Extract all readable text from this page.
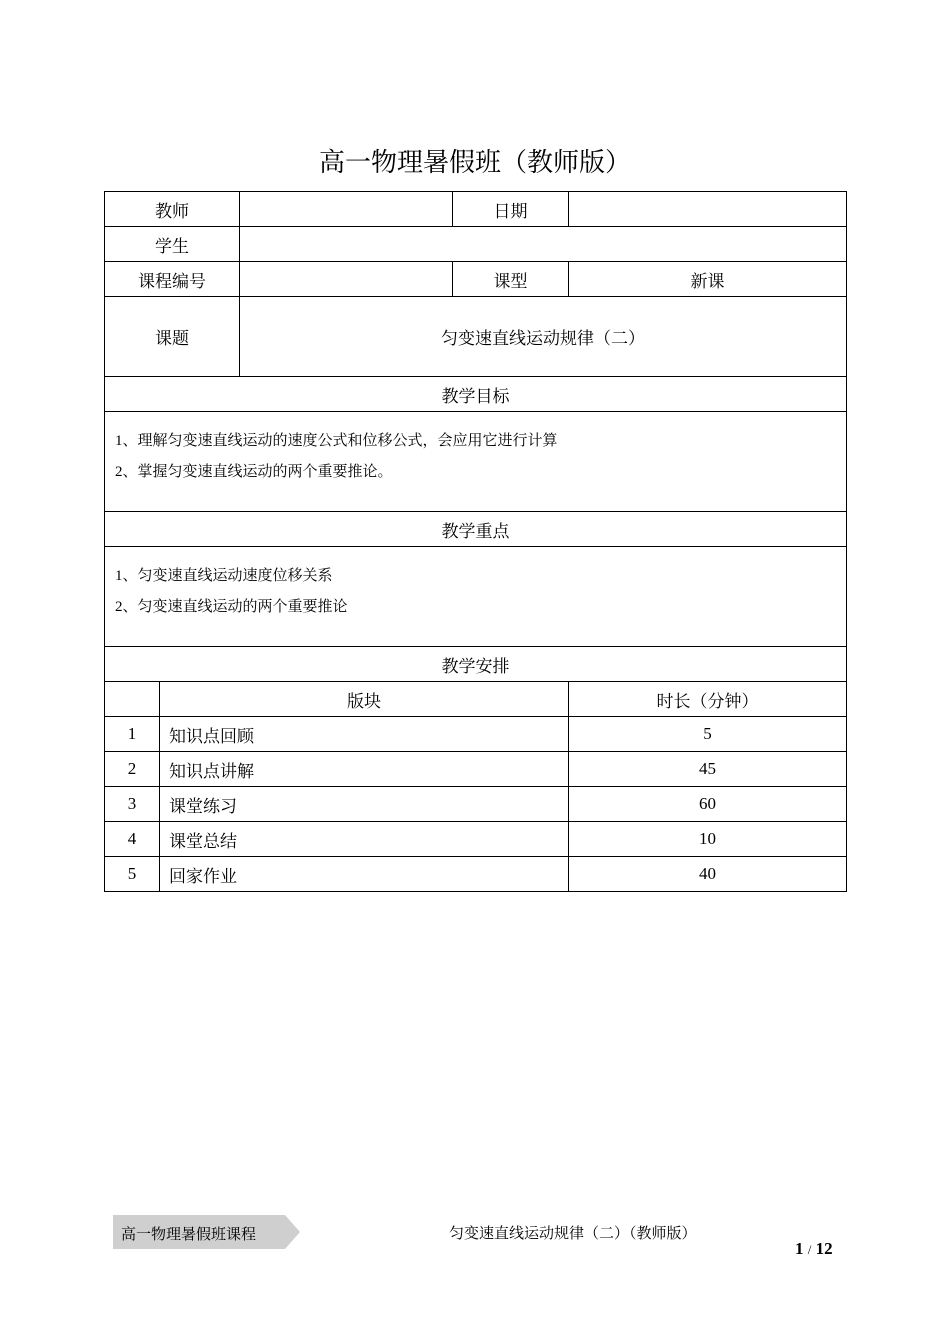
高一物理暑假班（教师版）
教师			日期	
学生				
课程编号			课型	新课
课题		匀变速直线运动规律（二）		
教学目标				

1、理解匀变速直线运动的速度公式和位移公式，会应用它进行计算
2、掌握匀变速直线运动的两个重要推论。				

教学重点				

1、匀变速直线运动速度位移关系
2、匀变速直线运动的两个重要推论				

教学安排				
	版块			时长（分钟）
1	知识点回顾			5
2	知识点讲解			45
3	课堂练习			60
4	课堂总结			10
5	回家作业			40
高一物理暑假班课程	匀变速直线运动规律（二）（教师版）
1 / 12
